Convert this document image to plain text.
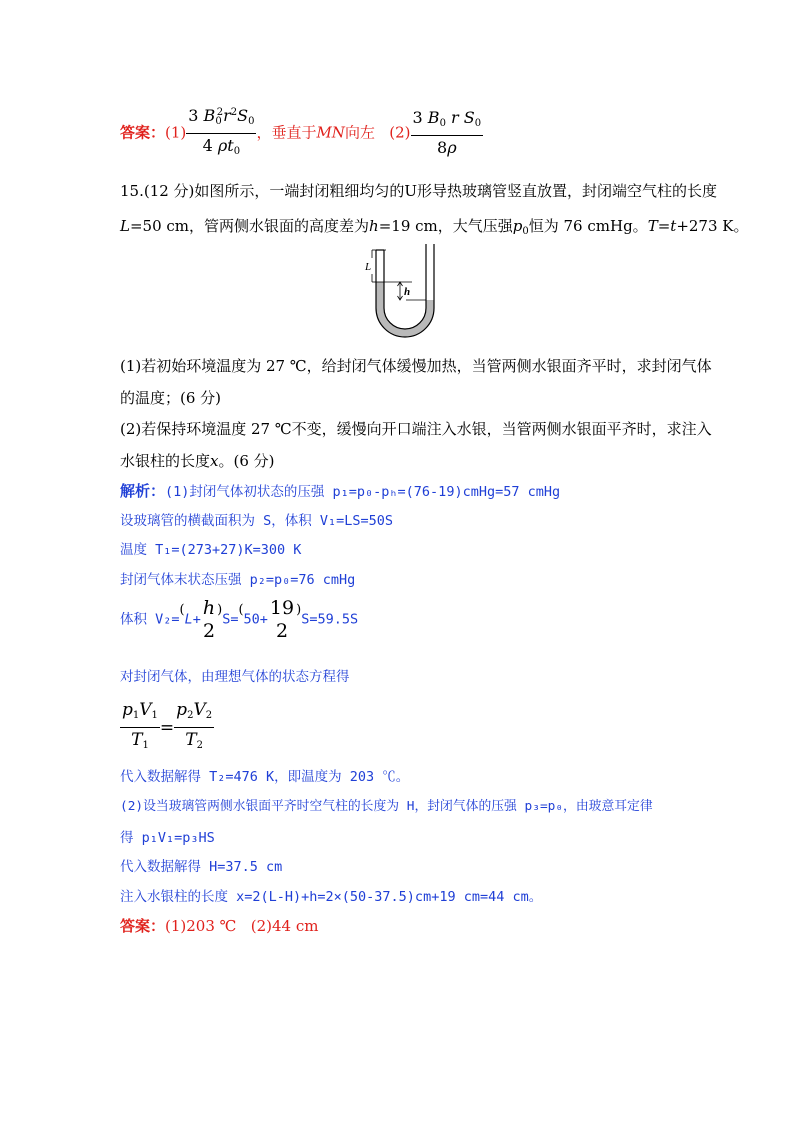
答案：$(1) \frac{3 B_0^2r^2S_0}{4 \rho t_0}$ ，垂直于MN向左 $(2) \frac{3 B_0 r S_0}{8\rho}$
15.(12 分)如图所示，一端封闭粗细均匀的U形导热玻璃管竖直放置，封闭端空气柱的长度
L=50 cm，管两侧水银面的高度差为h=19 cm，大气压强$p_0$恒为 76 cmHg。T=t+273 K。
L
h
(1)若初始环境温度为 27 ℃，给封闭气体缓慢加热，当管两侧水银面齐平时，求封闭气体
的温度；(6 分)
(2)若保持环境温度 27 ℃不变，缓慢向开口端注入水银，当管两侧水银面平齐时，求注入
水银柱的长度x。(6 分)
解析：(1)封闭气体初状态的压强 p₁=p₀-pₕ=(76-19)cmHg=57 cmHg
设玻璃管的横截面积为 S，体积 V₁=LS=50S
温度 T₁=(273+27)K=300 K
封闭气体末状态压强 p₂=p₀=76 cmHg
体积 V₂=(L+
h
2
)S=(50+
19
2
)S=59.5S
对封闭气体，由理想气体的状态方程得
$\frac{p_1V_1}{T_1} = \frac{p_2V_2}{T_2}$
代入数据解得 T₂=476 K，即温度为 203 ℃。
(2)设当玻璃管两侧水银面平齐时空气柱的长度为 H，封闭气体的压强 p₃=p₀，由玻意耳定律
得 p₁V₁=p₃HS
代入数据解得 H=37.5 cm
注入水银柱的长度 x=2(L-H)+h=2×(50-37.5)cm+19 cm=44 cm。
答案：(1)203 ℃ (2)44 cm
